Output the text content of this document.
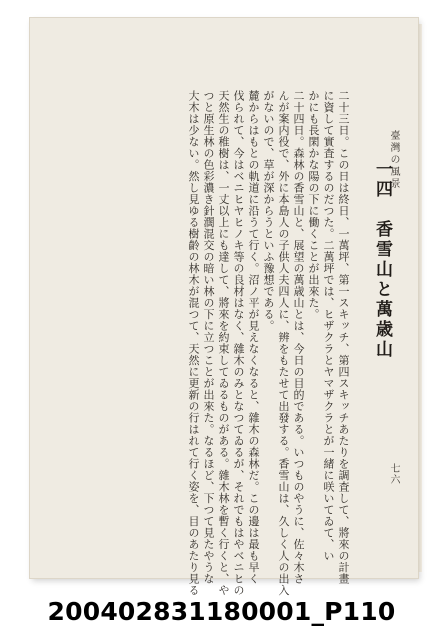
臺灣の風景
七六
一四　香雪山と萬歳山
二十三日。この日は終日、一萬坪、第一スキッチ、第四スキッチあたりを調査して、將來の計畫
に資して實査するのだつた。二萬坪では、ヒザクラとヤマザクラとが一緒に咲いてゐて、い
かにも長閑かな陽の下に働くことが出來た。
二十四日。森林の香雪山と、展望の萬歳山とは、今日の目的である。いつものやうに、佐々木さ
んが案内役で、外に本島人の子供人夫四人に、辨をもたせて出發する。香雪山は、久しく人の出入
がないので、草が深からうといふ豫想である。
麓からはもとの軌道に沿うて行く。沼ノ平が見えなくなると、雜木の森林だ。この邊は最も早く
伐られて、今はベニヒヤヒノキ等の良材はなく、雜木のみとなつてゐるが、それでもはやベニヒの
天然生の稚樹は、一丈以上にも達して、將來を約束してゐるものがある。雜木林を暫く行くと、や
つと原生林の色彩濃き針濶混交の暗い林の下に立つことが出來た。なるほど、下つて見たやうな
大木は少ない。然し見ゆる樹齡の林木が混つて、天然に更新の行はれて行く姿を、目のあたり見る
200402831180001_P110
